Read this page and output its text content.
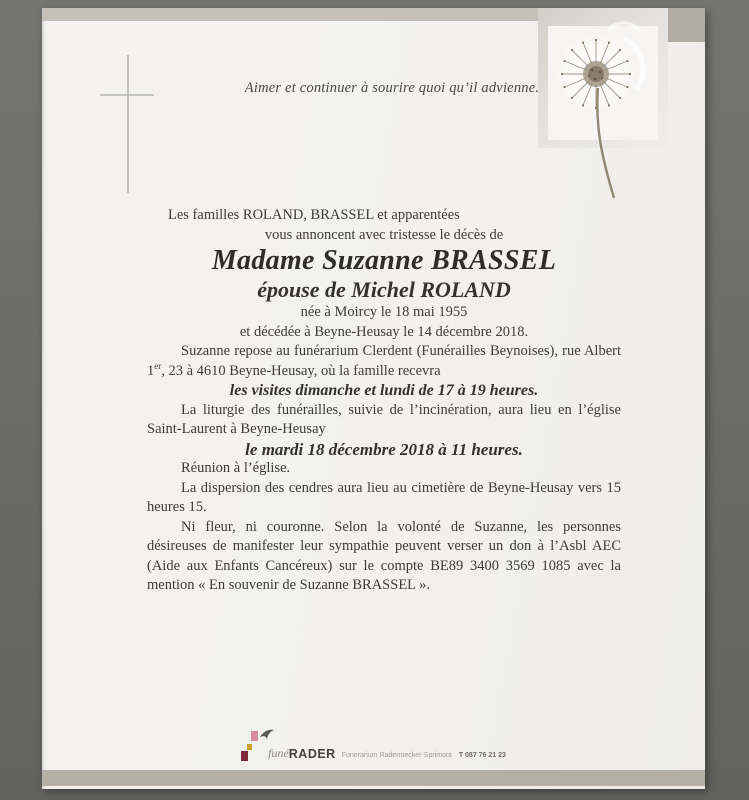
Aimer et continuer à sourire quoi qu’il advienne.

Les familles ROLAND, BRASSEL et apparentées

vous annoncent avec tristesse le décès de

Madame Suzanne BRASSEL

épouse de Michel ROLAND

née à Moircy le 18 mai 1955

et décédée à Beyne-Heusay le 14 décembre 2018.

Suzanne repose au funérarium Clerdent (Funérailles Beynoises), rue Albert 1er, 23 à 4610 Beyne-Heusay, où la famille recevra

les visites dimanche et lundi de 17 à 19 heures.

La liturgie des funérailles, suivie de l’incinération, aura lieu en l’église Saint-Laurent à Beyne-Heusay

le mardi 18 décembre 2018 à 11 heures.

Réunion à l’église.

La dispersion des cendres aura lieu au cimetière de Beyne-Heusay vers 15 heures 15.

Ni fleur, ni couronne. Selon la volonté de Suzanne, les personnes désireuses de manifester leur sympathie peuvent verser un don à l’Asbl AEC (Aide aux Enfants Cancéreux) sur le compte BE89 3400 3569 1085 avec la mention « En souvenir de Suzanne BRASSEL ».

funé RADER Funerarium Radermecker-Sprimont T 087 76 21 23
